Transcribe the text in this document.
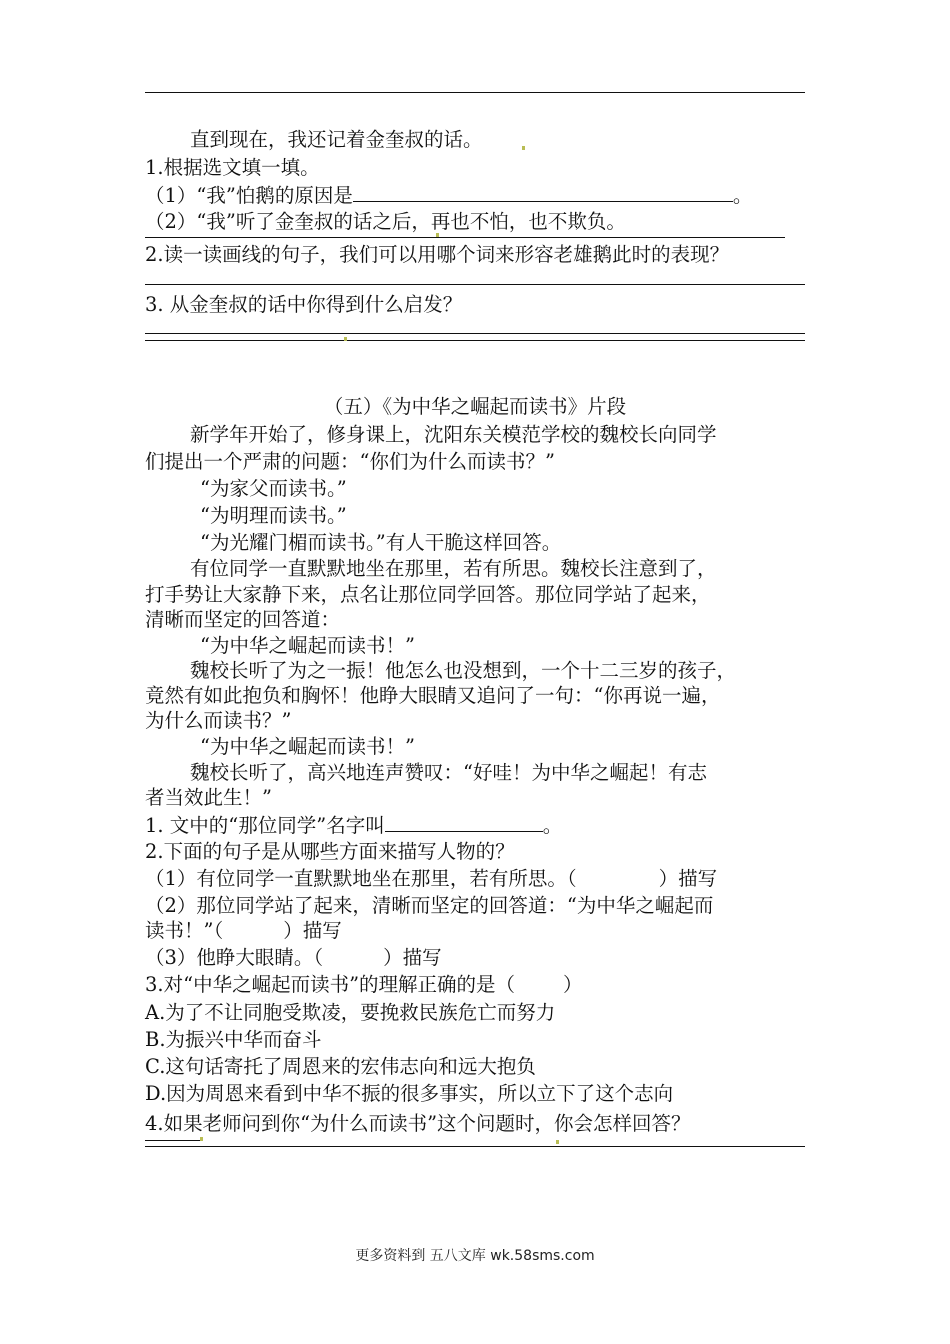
直到现在，我还记着金奎叔的话。
1.根据选文填一填。
（1）“我”怕鹅的原因是	。
（2）“我”听了金奎叔的话之后，再也不怕，也不欺负。
2.读一读画线的句子，我们可以用哪个词来形容老雄鹅此时的表现？
3. 从金奎叔的话中你得到什么启发？
（五）《为中华之崛起而读书》片段
新学年开始了，修身课上，沈阳东关模范学校的魏校长向同学
们提出一个严肃的问题：“你们为什么而读书？”
“为家父而读书。”
“为明理而读书。”
“为光耀门楣而读书。”有人干脆这样回答。
有位同学一直默默地坐在那里，若有所思。魏校长注意到了，
打手势让大家静下来，点名让那位同学回答。那位同学站了起来，
清晰而坚定的回答道：
“为中华之崛起而读书！”
魏校长听了为之一振！他怎么也没想到，一个十二三岁的孩子，
竟然有如此抱负和胸怀！他睁大眼睛又追问了一句：“你再说一遍，
为什么而读书？”
“为中华之崛起而读书！”
魏校长听了，高兴地连声赞叹：“好哇！为中华之崛起！有志
者当效此生！”
1. 文中的“那位同学”名字叫	。
2.下面的句子是从哪些方面来描写人物的？
（1）有位同学一直默默地坐在那里，若有所思。（	）描写
（2）那位同学站了起来，清晰而坚定的回答道：“为中华之崛起而
读书！”（	）描写
（3）他睁大眼睛。（	）描写
3.对“中华之崛起而读书”的理解正确的是（ ）
A.为了不让同胞受欺凌，要挽救民族危亡而努力
B.为振兴中华而奋斗
C.这句话寄托了周恩来的宏伟志向和远大抱负
D.因为周恩来看到中华不振的很多事实，所以立下了这个志向
4.如果老师问到你“为什么而读书”这个问题时，你会怎样回答？
更多资料到 五八文库 wk.58sms.com
